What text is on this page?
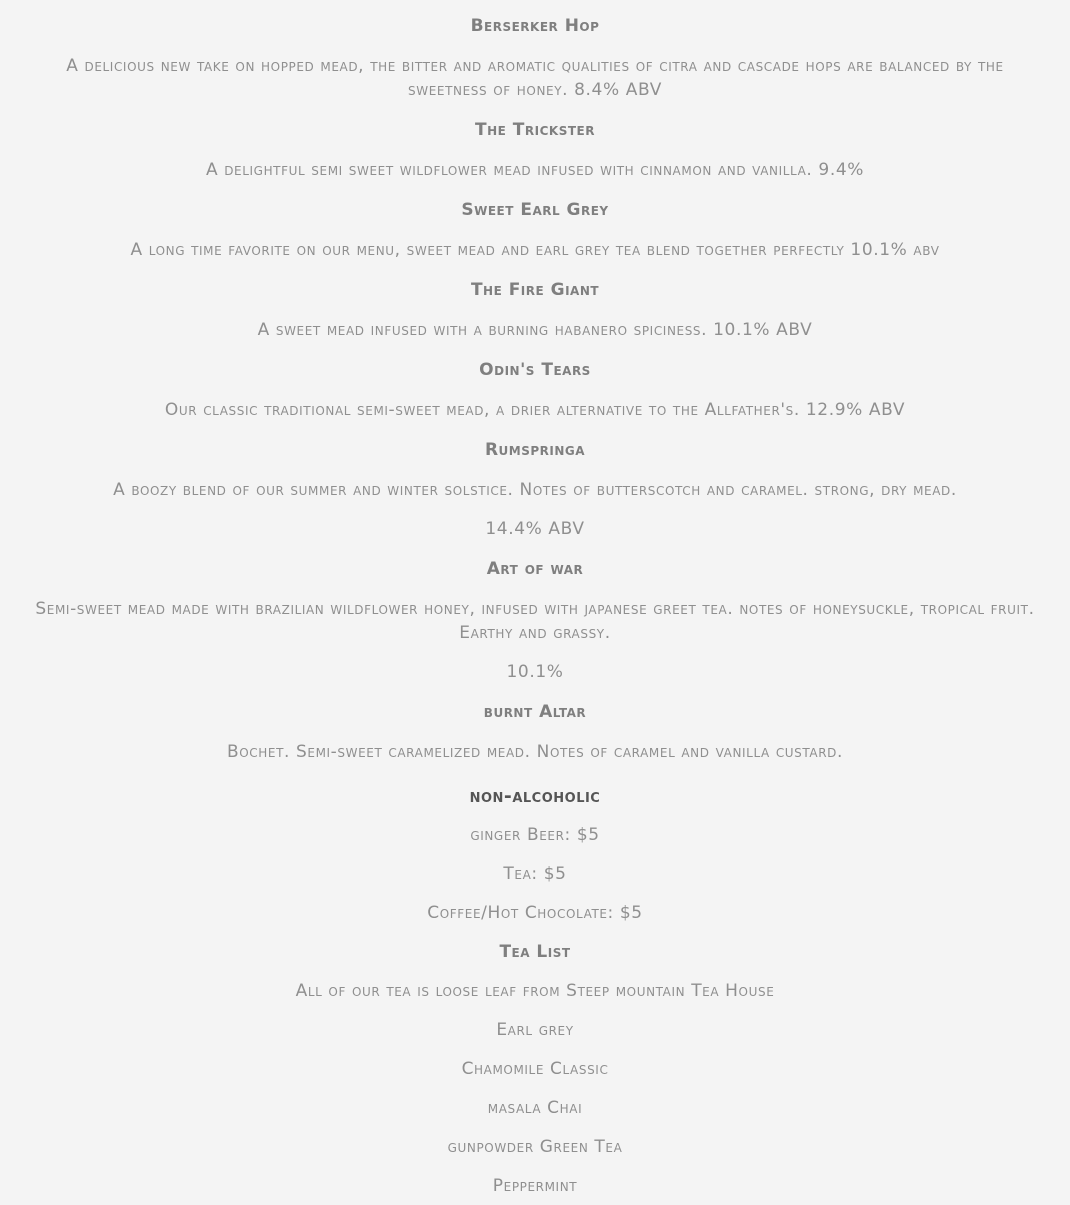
Berserker Hop

A delicious new take on hopped mead, the bitter and aromatic qualities of citra and cascade hops are balanced by the sweetness of honey. 8.4% ABV

The Trickster

A delightful semi sweet wildflower mead infused with cinnamon and vanilla. 9.4%

Sweet Earl Grey

A long time favorite on our menu, sweet mead and earl grey tea blend together perfectly 10.1% abv

The Fire Giant

A sweet mead infused with a burning habanero spiciness. 10.1% ABV

Odin's Tears

Our classic traditional semi-sweet mead, a drier alternative to the Allfather's. 12.9% ABV

Rumspringa

A boozy blend of our summer and winter solstice. Notes of butterscotch and caramel. strong, dry mead.

14.4% ABV

Art of war

Semi-sweet mead made with brazilian wildflower honey, infused with japanese greet tea. notes of honeysuckle, tropical fruit. Earthy and grassy.

10.1%

burnt Altar

Bochet. Semi-sweet caramelized mead. Notes of caramel and vanilla custard.

non-alcoholic

ginger Beer: $5

Tea: $5

Coffee/Hot Chocolate: $5

Tea List

All of our tea is loose leaf from Steep mountain Tea House

Earl grey

Chamomile Classic

masala Chai

gunpowder Green Tea

Peppermint
